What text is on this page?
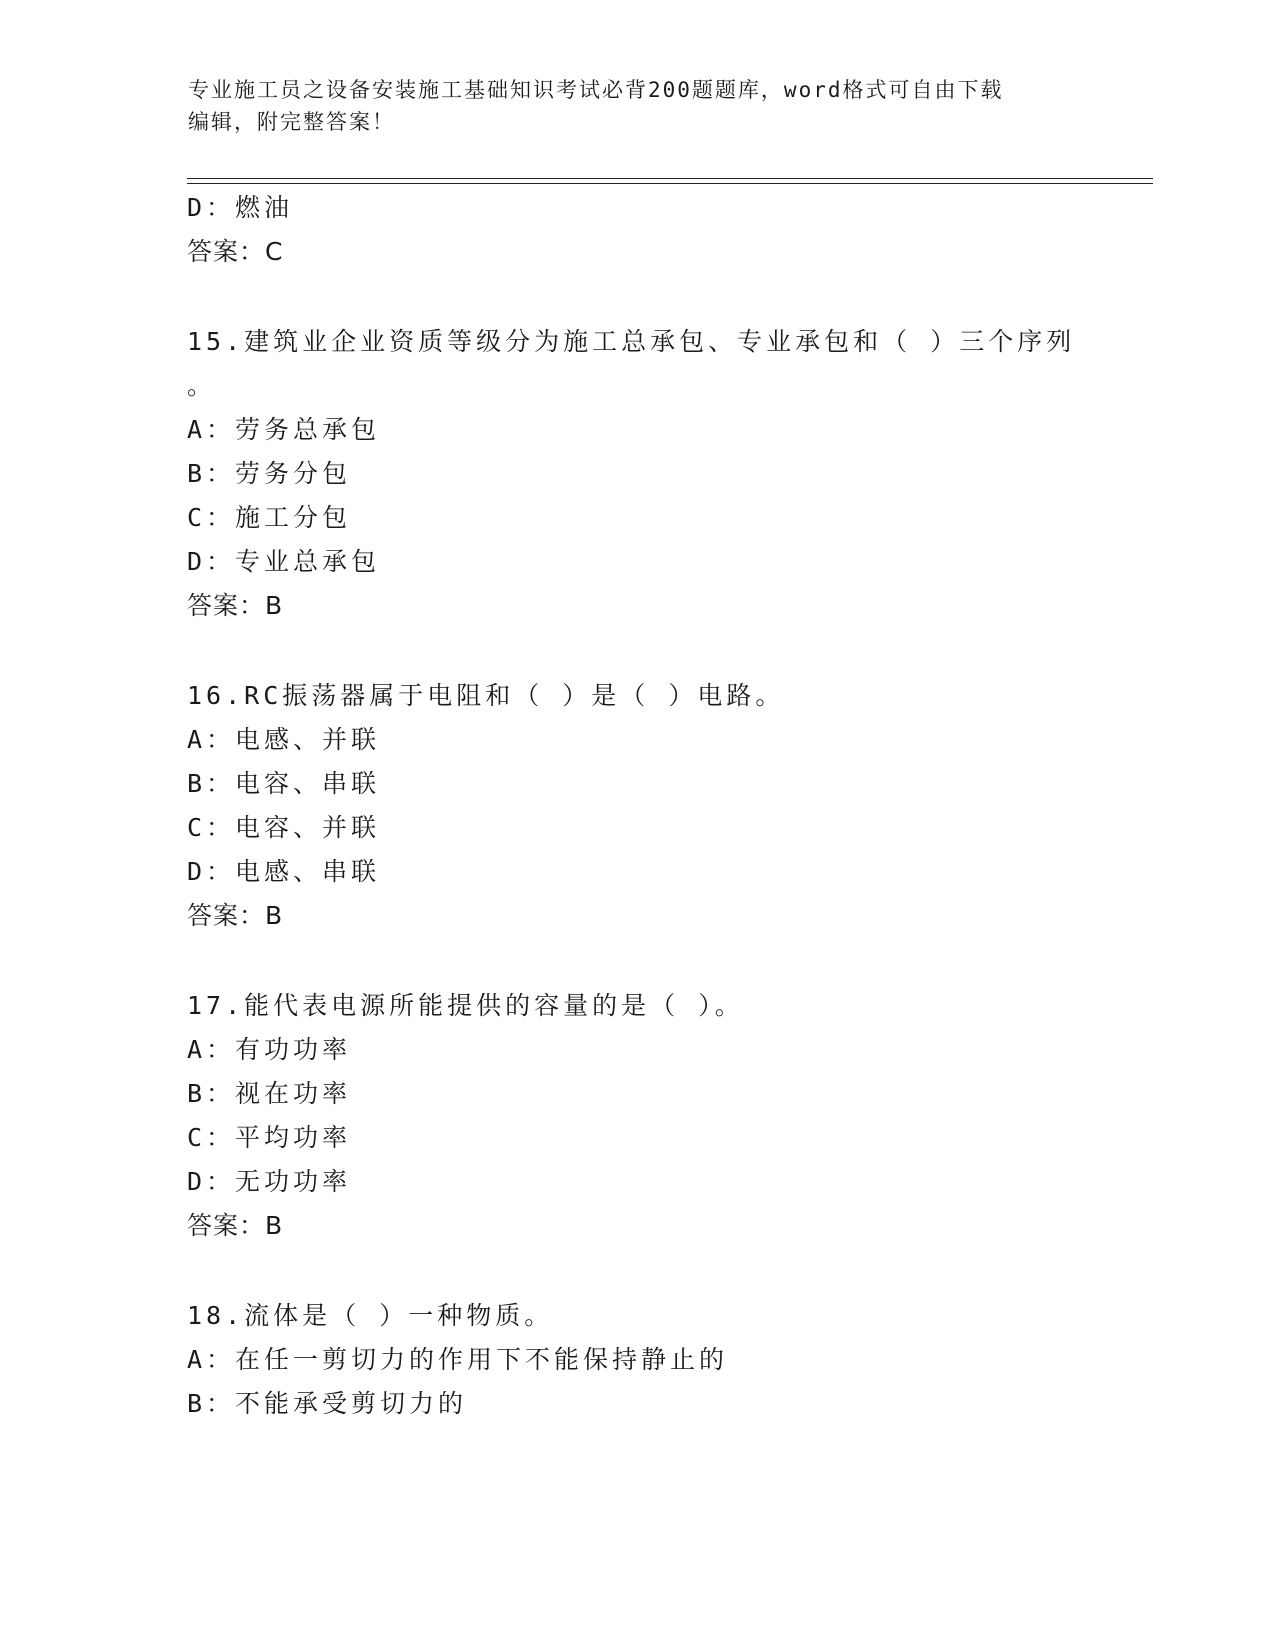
专业施工员之设备安装施工基础知识考试必背200题题库，word格式可自由下载
编辑，附完整答案！
D：燃油
答案：C
15.建筑业企业资质等级分为施工总承包、专业承包和（ ）三个序列
。
A：劳务总承包
B：劳务分包
C：施工分包
D：专业总承包
答案：B
16.RC振荡器属于电阻和（ ）是（ ）电路。
A：电感、并联
B：电容、串联
C：电容、并联
D：电感、串联
答案：B
17.能代表电源所能提供的容量的是（ ）。
A：有功功率
B：视在功率
C：平均功率
D：无功功率
答案：B
18.流体是（ ）一种物质。
A：在任一剪切力的作用下不能保持静止的
B：不能承受剪切力的
